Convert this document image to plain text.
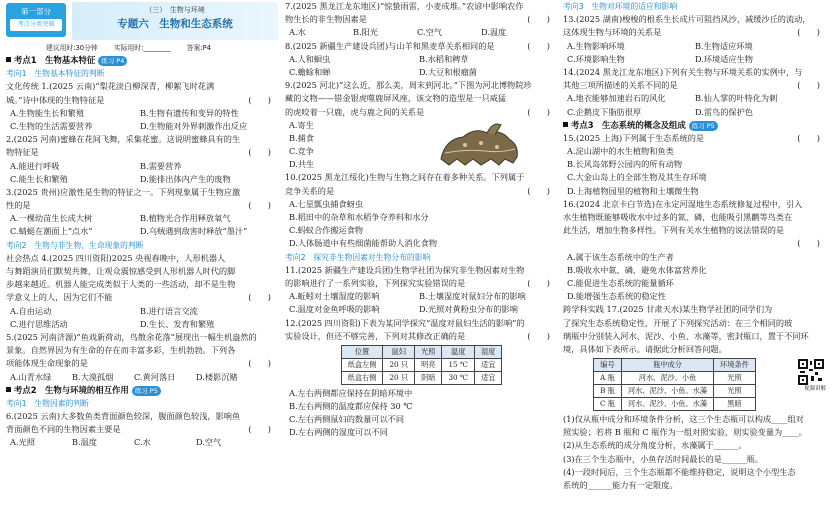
第一部分
考点分类突破
（三）　生物与环境
专题六　生物和生态系统
建议用时:30分钟 实际用时:________ 答案:P4
考点1　生物基本特征 练习 P4
考向1　生物基本特征的判断
文化传统 1.(2025 云南)“梨花淡白柳深青，柳絮飞时花满
城。”诗中体现的生物特征是	(　　)
A.生物能生长和繁殖	B.生物有遗传和变异的特性
C.生物的生活需要营养	D.生物能对外界刺激作出反应
2.(2025 河南)蜜蜂在花间飞舞，采集花蜜。这说明蜜蜂具有的生
物特征是	(　　)
A.能进行呼吸	B.需要营养
C.能生长和繁殖	D.能排出体内产生的废物
3.(2025 贵州)应激性是生物的特征之一。下列现象属于生物应激
性的是	(　　)
A.一棵幼苗生长成大树	B.植物光合作用释放氧气
C.蜻蜓在潮面上“点水”	D.乌贼遇到敌害时释放“墨汁”
考向2　生物与非生物、生命现象的判断
社会热点 4.(2025 四川资阳)2025 央视春晚中，人形机器人
与舞蹈演员们默契共舞，让观众震惊感受到人形机器人时代的脚
步越来越近。机器人能完成类似于人类的一些活动，却不是生物
学意义上的人，因为它们不能	(　　)
A.自由运动	B.进行语言交流
C.进行思维活动	D.生长、发育和繁殖
5.(2025 河南济源)“鱼戏新荷动，鸟散余花落”展现出一幅生机盎然的
景象。自然界因为有生命的存在而丰富多彩，生机勃勃。下列各
项能体现生命现象的是	(　　)
A.山青水绿	B.大漠孤烟	C.黄河落日	D.楼影沉赌
考点2　生物与环境的相互作用 练习 P5
考向1　生物因素的判断
6.(2025 云南)大多数鱼类背面颜色较深，腹面颜色较浅，影响鱼
背面颜色不同的生物因素主要是	(　　)
A.光照	B.温度	C.水	D.空气
7.(2025 黑龙江龙东地区)“惊蛰雨雷，小麦成堆。”农谚中影响农作
物生长的非生物因素是	(　　)
A.水	B.阳光	C.空气	D.温度
8.(2025 新疆生产建设兵团)与山羊和黑麦草关系相同的是	(　　)
A.人和蛔虫	B.水稻和稗草
C.蟾蜍和蝉	D.大豆和根瘤菌
9.(2025 河北)“这么近，那么美，周末到河北。”下图为河北博物院珍
藏的文物——错金银虎噬鹿屏风座，该文物的造型是一只威猛
的虎咬着一只鹿，虎与鹿之间的关系是	(　　)
A.寄生
B.捕食
C.竞争
D.共生
10.(2025 黑龙江绥化)生物与生物之间存在着多种关系。下列属于
竞争关系的是	(　　)
A.七星瓢虫捕食蚜虫
B.稻田中的杂草和水稻争夺养料和水分
C.蚂蚁合作搬运食物
D.人体肠道中有些细菌能帮助人消化食物
考向2　探究非生物因素对生物分布的影响
11.(2025 新疆生产建设兵团)生物学社团为探究非生物因素对生物
的影响进行了一系列实验，下列探究实验错误的是	(　　)
A.蚯蚓对土壤湿度的影响	B.土壤湿度对鼠妇分布的影响
C.温度对金鱼呼吸的影响	D.光照对黄粉虫分布的影响
12.(2025 四川资阳)下表为某同学探究“温度对鼠妇生活的影响”的
实验设计，但还不够完善，下列对其修改正确的是	(　　)
位置	鼠妇	光照	温度	湿度
纸盒左侧	20 只	明亮	15 ℃	适宜
纸盒右侧	20 只	阴暗	30 ℃	适宜
A.左右两侧都应保持在阴暗环境中
B.左右两侧的温度都应保持 30 ℃
C.左右两侧鼠妇的数量可以不同
D.左右两侧的湿度可以不同
考向3　生物对环境的适应和影响
13.(2025 湖南)梭梭的根系生长成片可阻挡风沙，减缓沙丘的流动，
这体现生物与环境的关系是	(　　)
A.生物影响环境	B.生物适应环境
C.环境影响生物	D.环境适应生物
14.(2024 黑龙江龙东地区)下列有关生物与环境关系的实例中，与
其他三项所描述的关系不同的是	(　　)
A.地衣能够加速岩石的风化	B.仙人掌的叶特化为刺
C.企鹅皮下脂肪很厚	D.雷鸟的保护色
考点3　生态系统的概念及组成 练习 P5
15.(2025 上海)下列属于生态系统的是	(　　)
A.淀山湖中的水生植物和鱼类
B.长风岛郊野公园内的所有动物
C.大金山岛上的全部生物及其生存环境
D.上海植物园里的植物和土壤微生物
16.(2024 北京卡白节选)在永定河湿地生态系统修复过程中，引入
水生植物既能够吸收水中过多的氮、磷，也能吸引黑鹳等鸟类在
此生活，增加生物多样性。下列有关水生植物的说法错误的是
(　　)

A.属于该生态系统中的生产者
B.吸收水中氮、磷，避免水体富营养化
C.能促进生态系统的能量循环
D.能增强生态系统的稳定性
跨学科实践 17.(2025 甘肃天水)某生物学社团的同学们为
了探究生态系统稳定性，开展了下列探究活动：在三个相同的玻
璃瓶中分别装入河水、泥沙、小鱼、水藻等，密封瓶口，置于不同环
境，具体如下表所示。请据此分析回答问题。
编号	瓶中成分	环境条件
A 瓶	河水、泥沙、小鱼	光照
B 瓶	河水、泥沙、小鱼、水藻	光照
C 瓶	河水、泥沙、小鱼、水藻	黑暗
(1)仅从瓶中成分和环境条件分析，这三个生态瓶可以构成____组对
照实验；若将 B 瓶和 C 瓶作为一组对照实验，则实验变量为____。
(2)从生态系统的成分角度分析，水藻属于______。
(3)在三个生态瓶中，小鱼存活时间最长的是______瓶。
(4)一段时间后，三个生态瓶都不能维持稳定，说明这个小型生态
系统的______能力有一定限度。
视频讲解
